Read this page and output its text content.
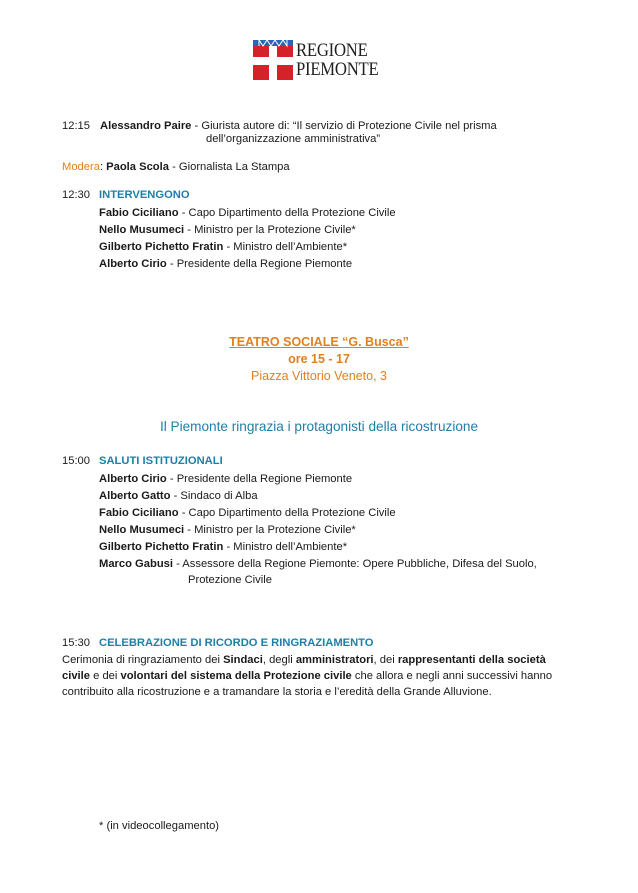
REGIONE
PIEMONTE
12:15 Alessandro Paire - Giurista autore di: “Il servizio di Protezione Civile nel prisma
dell’organizzazione amministrativa”
Modera: Paola Scola - Giornalista La Stampa
12:30 INTERVENGONO
Fabio Ciciliano - Capo Dipartimento della Protezione Civile
Nello Musumeci - Ministro per la Protezione Civile*
Gilberto Pichetto Fratin - Ministro dell’Ambiente*
Alberto Cirio - Presidente della Regione Piemonte
TEATRO SOCIALE “G. Busca”
ore 15 - 17
Piazza Vittorio Veneto, 3
Il Piemonte ringrazia i protagonisti della ricostruzione
15:00 SALUTI ISTITUZIONALI
Alberto Cirio - Presidente della Regione Piemonte
Alberto Gatto - Sindaco di Alba
Fabio Ciciliano - Capo Dipartimento della Protezione Civile
Nello Musumeci - Ministro per la Protezione Civile*
Gilberto Pichetto Fratin - Ministro dell’Ambiente*
Marco Gabusi - Assessore della Regione Piemonte: Opere Pubbliche, Difesa del Suolo,
Protezione Civile
15:30 CELEBRAZIONE DI RICORDO E RINGRAZIAMENTO
Cerimonia di ringraziamento dei Sindaci, degli amministratori, dei rappresentanti della società
civile e dei volontari del sistema della Protezione civile che allora e negli anni successivi hanno
contribuito alla ricostruzione e a tramandare la storia e l’eredità della Grande Alluvione.
* (in videocollegamento)
